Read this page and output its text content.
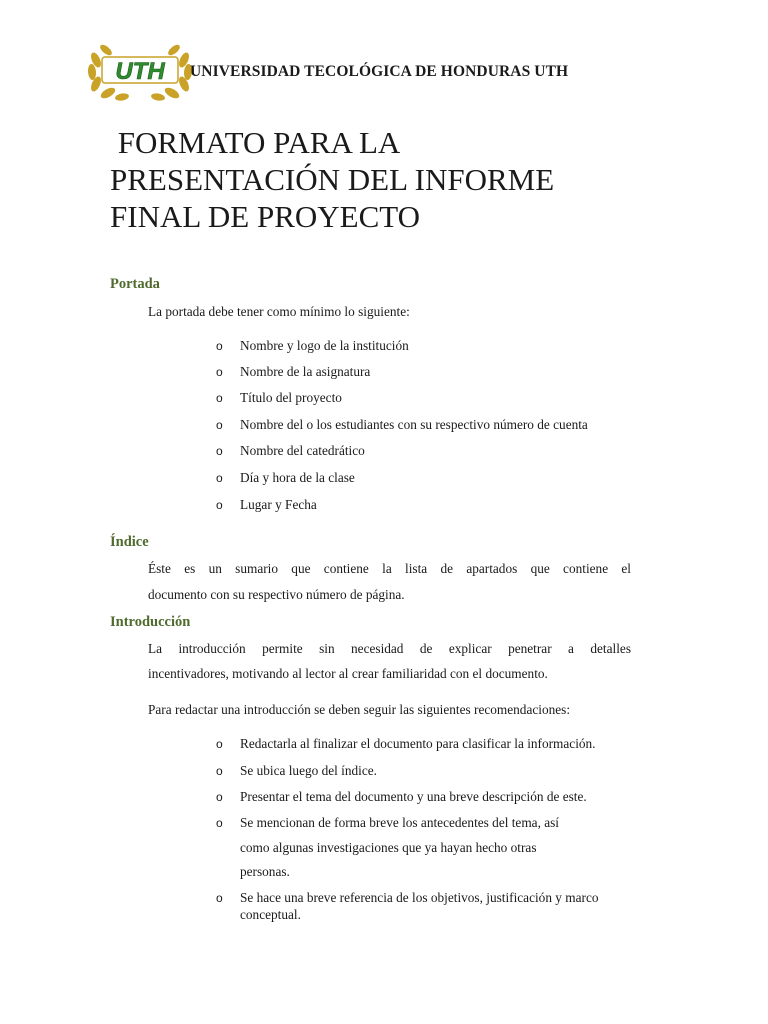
UTH UNIVERSIDAD TECOLÓGICA DE HONDURAS UTH
FORMATO PARA LA
PRESENTACIÓN DEL INFORME
FINAL DE PROYECTO
Portada
La portada debe tener como mínimo lo siguiente:
o Nombre y logo de la institución
o Nombre de la asignatura
o Título del proyecto
o Nombre del o los estudiantes con su respectivo número de cuenta
o Nombre del catedrático
o Día y hora de la clase
o Lugar y Fecha
Índice
Éste es un sumario que contiene la lista de apartados que contiene el
documento con su respectivo número de página.
Introducción
La introducción permite sin necesidad de explicar penetrar a detalles
incentivadores, motivando al lector al crear familiaridad con el documento.
Para redactar una introducción se deben seguir las siguientes recomendaciones:
o Redactarla al finalizar el documento para clasificar la información.
o Se ubica luego del índice.
o Presentar el tema del documento y una breve descripción de este.
o Se mencionan de forma breve los antecedentes del tema, así
como algunas investigaciones que ya hayan hecho otras
personas.
o Se hace una breve referencia de los objetivos, justificación y marco
conceptual.
